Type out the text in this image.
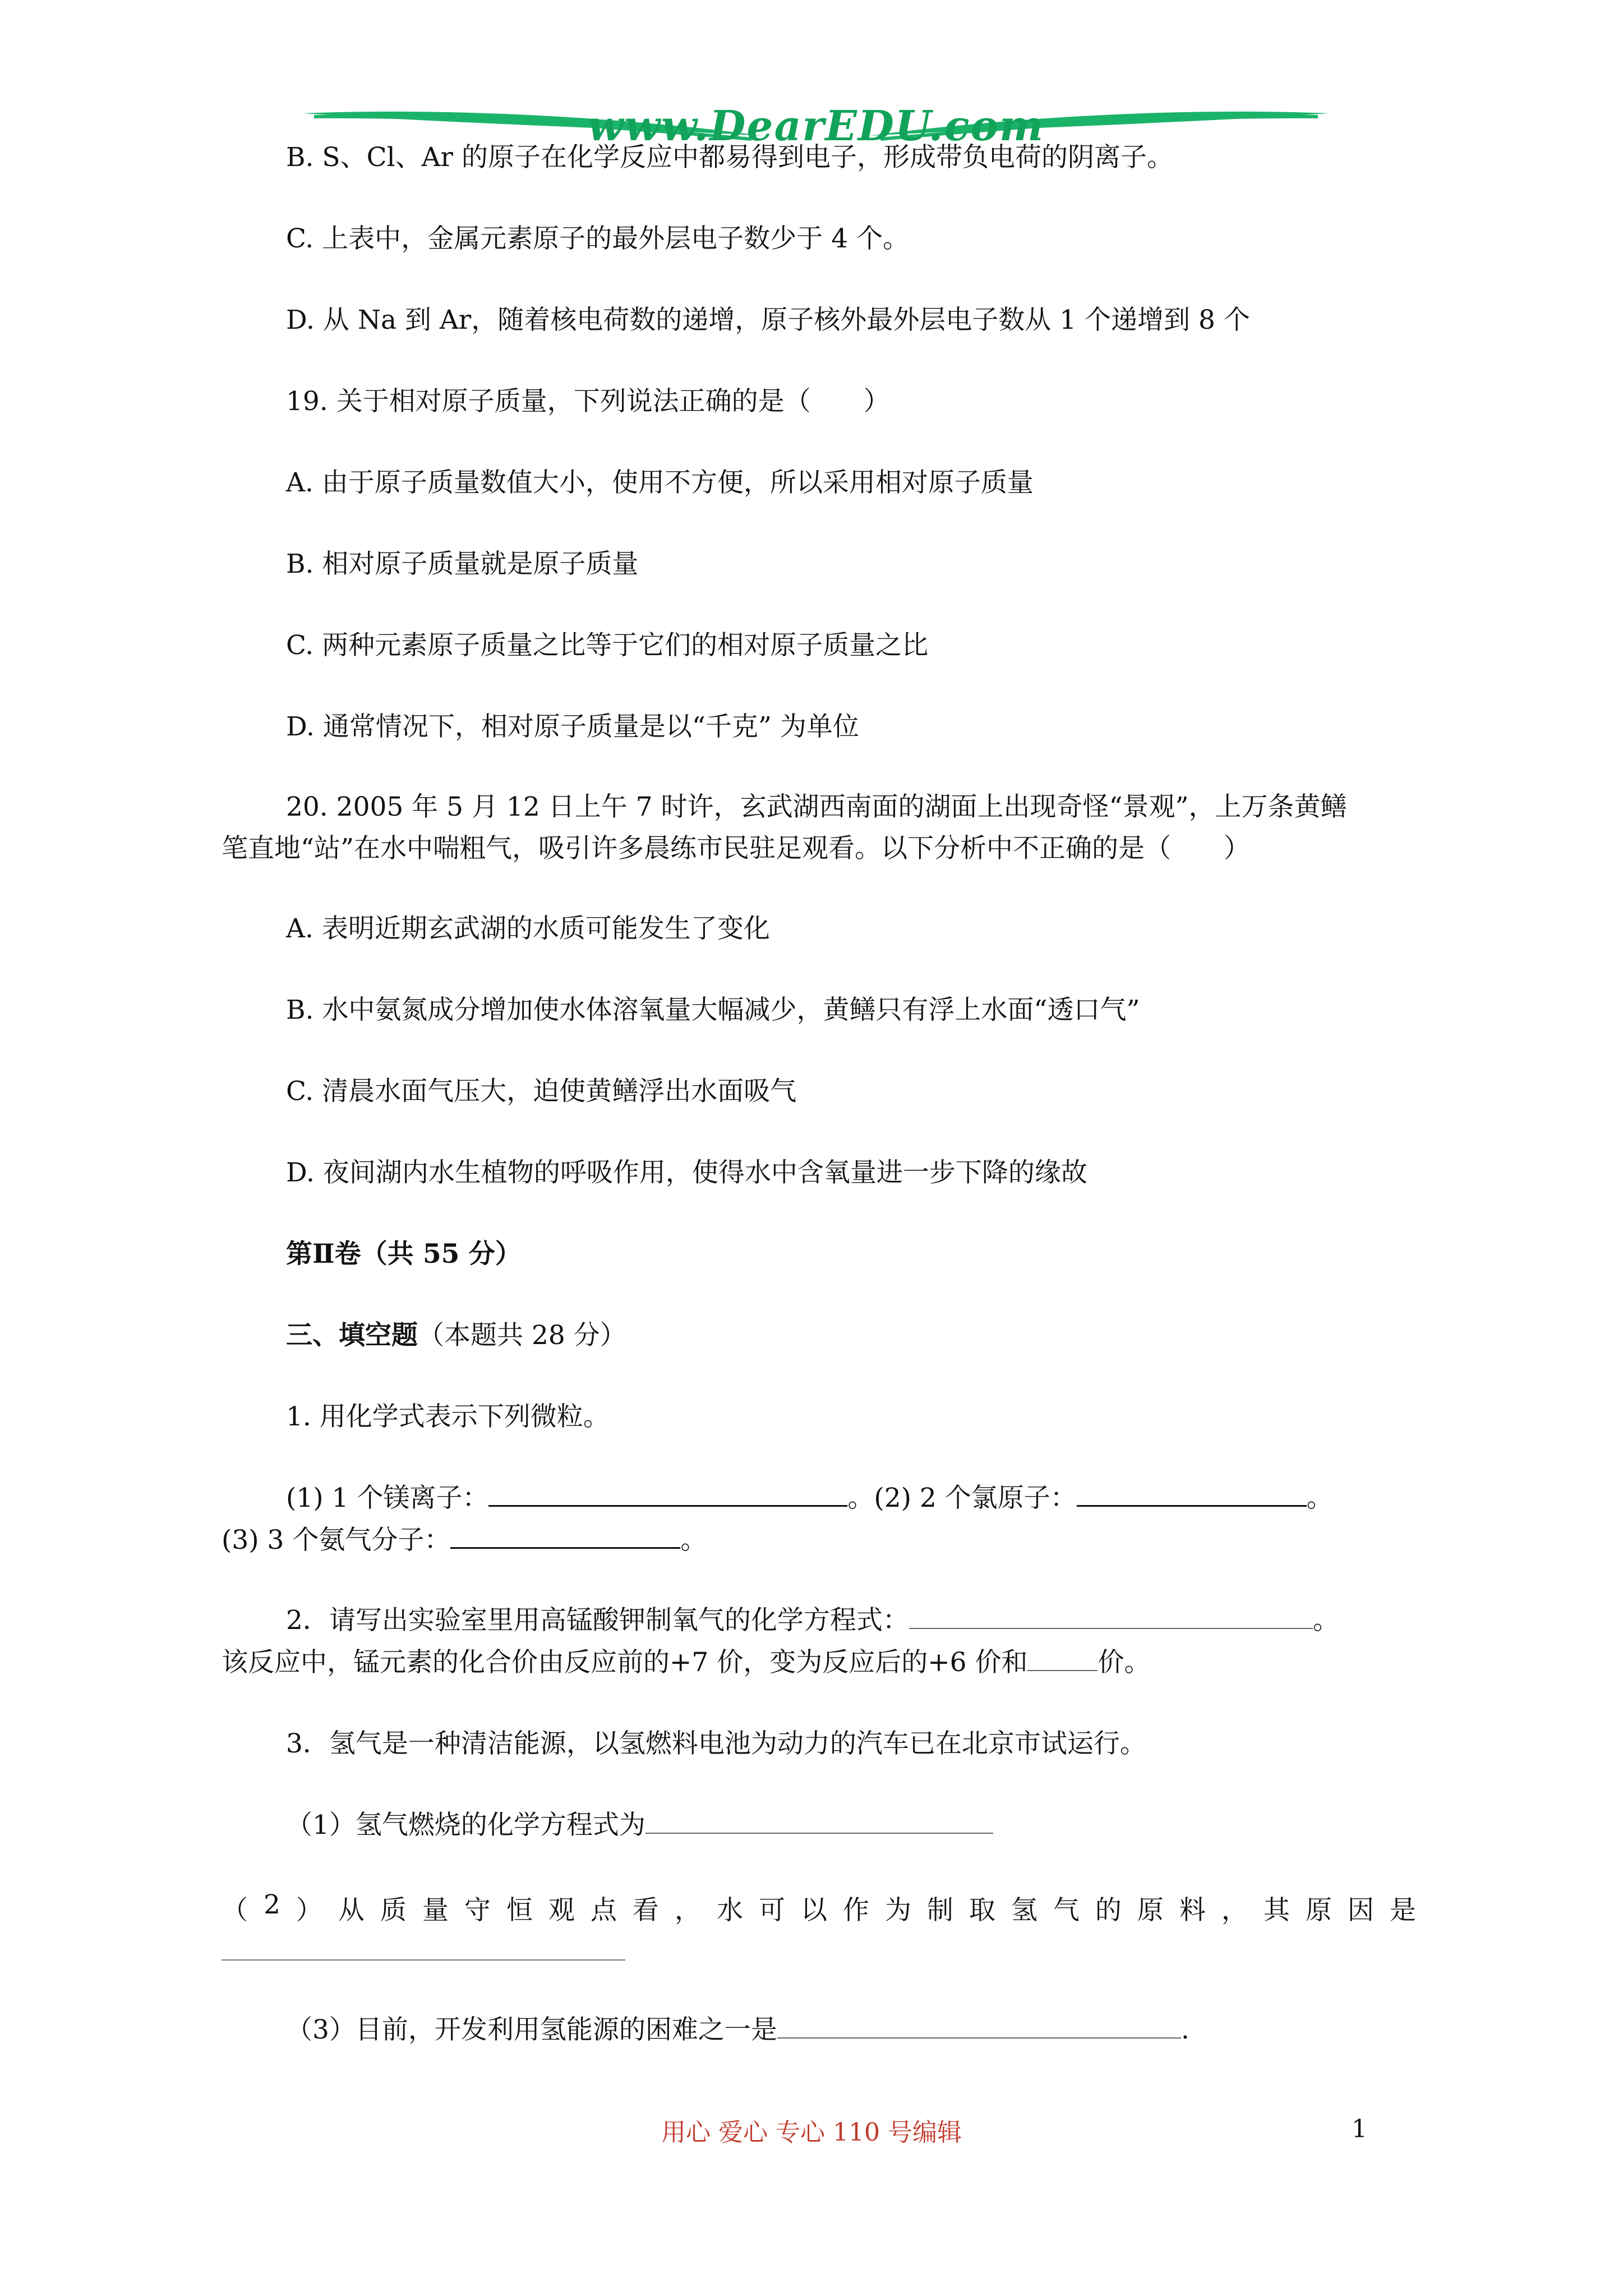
www.DearEDU.com
B. S、Cl、Ar 的原子在化学反应中都易得到电子，形成带负电荷的阴离子。
C. 上表中，金属元素原子的最外层电子数少于 4 个。
D. 从 Na 到 Ar，随着核电荷数的递增，原子核外最外层电子数从 1 个递增到 8 个
19. 关于相对原子质量，下列说法正确的是（　　）
A. 由于原子质量数值大小，使用不方便，所以采用相对原子质量
B. 相对原子质量就是原子质量
C. 两种元素原子质量之比等于它们的相对原子质量之比
D. 通常情况下，相对原子质量是以“千克” 为单位
20. 2005 年 5 月 12 日上午 7 时许，玄武湖西南面的湖面上出现奇怪“景观”，上万条黄鳝
笔直地“站”在水中喘粗气，吸引许多晨练市民驻足观看。以下分析中不正确的是（　　）
A. 表明近期玄武湖的水质可能发生了变化
B. 水中氨氮成分增加使水体溶氧量大幅减少，黄鳝只有浮上水面“透口气”
C. 清晨水面气压大，迫使黄鳝浮出水面吸气
D. 夜间湖内水生植物的呼吸作用，使得水中含氧量进一步下降的缘故
第Ⅱ卷（共 55 分）
三、填空题（本题共 28 分）
1. 用化学式表示下列微粒。
(1) 1 个镁离子：	。(2) 2 个氯原子：	。
(3) 3 个氨气分子：	。
2．请写出实验室里用高锰酸钾制氧气的化学方程式：	。
该反应中，锰元素的化合价由反应前的+7 价，变为反应后的+6 价和	价。
3．氢气是一种清洁能源，以氢燃料电池为动力的汽车已在北京市试运行。
（1）氢气燃烧的化学方程式为
（ 2 ） 从 质 量 守 恒 观 点 看 ， 水 可 以 作 为 制 取 氢 气 的 原 料 ， 其 原 因 是
（3）目前，开发利用氢能源的困难之一是	.
用心 爱心 专心 110 号编辑	1
